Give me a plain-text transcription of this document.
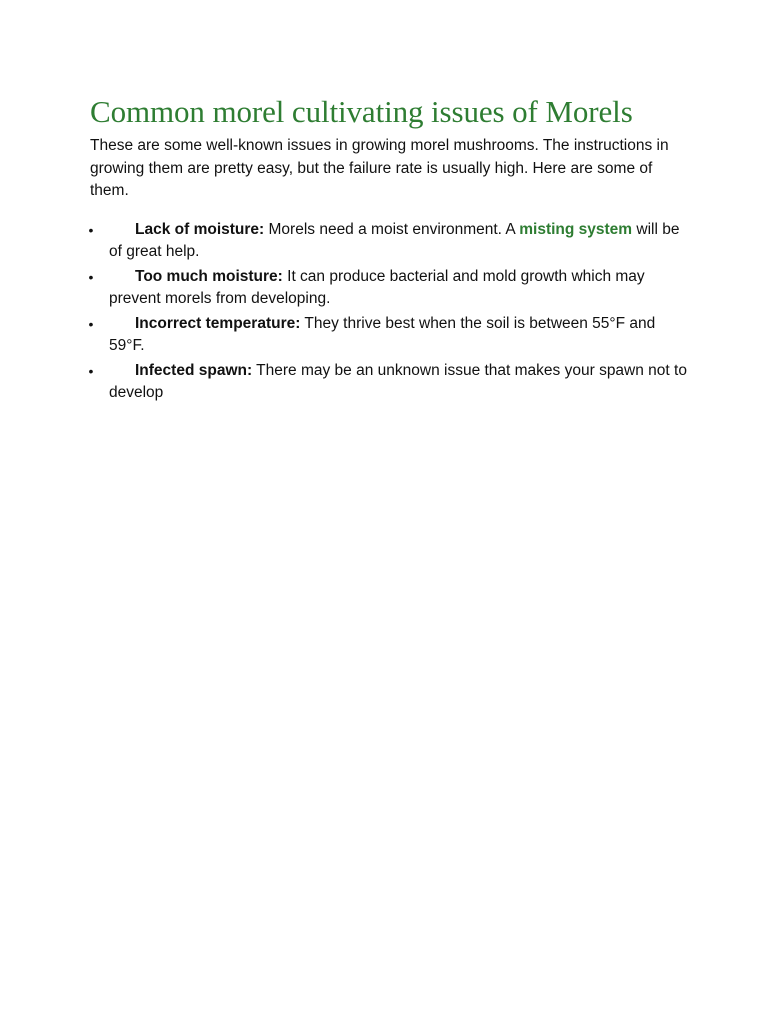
Common morel cultivating issues of Morels

These are some well-known issues in growing morel mushrooms. The instructions in growing them are pretty easy, but the failure rate is usually high. Here are some of them.

•	Lack of moisture: Morels need a moist environment. A misting system will be of great help.
•	Too much moisture: It can produce bacterial and mold growth which may prevent morels from developing.
•	Incorrect temperature: They thrive best when the soil is between 55°F and 59°F.
•	Infected spawn: There may be an unknown issue that makes your spawn not to develop
